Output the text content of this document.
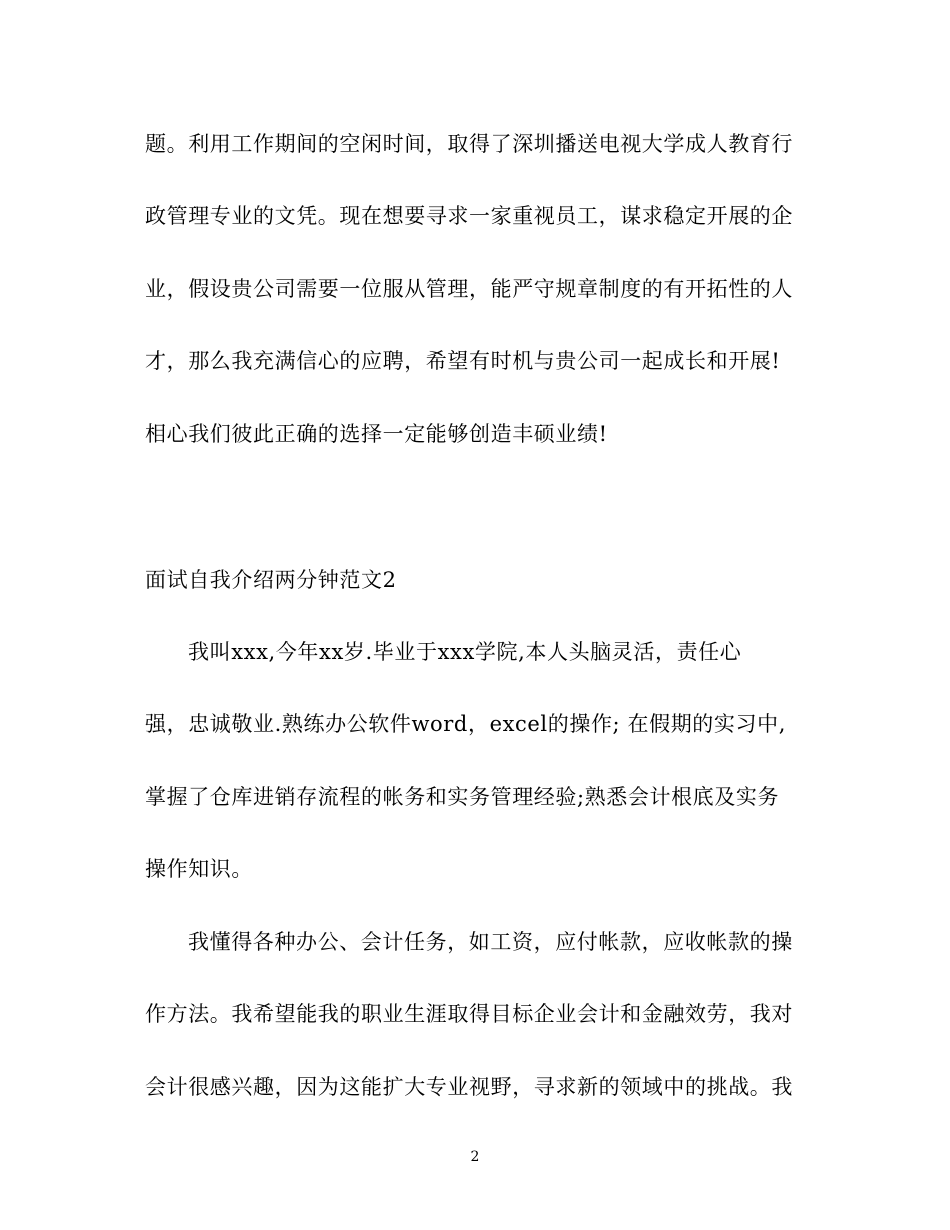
题。利用工作期间的空闲时间，取得了深圳播送电视大学成人教育行
政管理专业的文凭。现在想要寻求一家重视员工，谋求稳定开展的企
业，假设贵公司需要一位服从管理，能严守规章制度的有开拓性的人
才，那么我充满信心的应聘，希望有时机与贵公司一起成长和开展!
相心我们彼此正确的选择一定能够创造丰硕业绩!
面试自我介绍两分钟范文2
我叫xxx,今年xx岁.毕业于xxx学院,本人头脑灵活，责任心
强，忠诚敬业.熟练办公软件word，excel的操作; 在假期的实习中,
掌握了仓库进销存流程的帐务和实务管理经验;熟悉会计根底及实务
操作知识。
我懂得各种办公、会计任务，如工资，应付帐款，应收帐款的操
作方法。我希望能我的职业生涯取得目标企业会计和金融效劳，我对
会计很感兴趣，因为这能扩大专业视野，寻求新的领域中的挑战。我
2
